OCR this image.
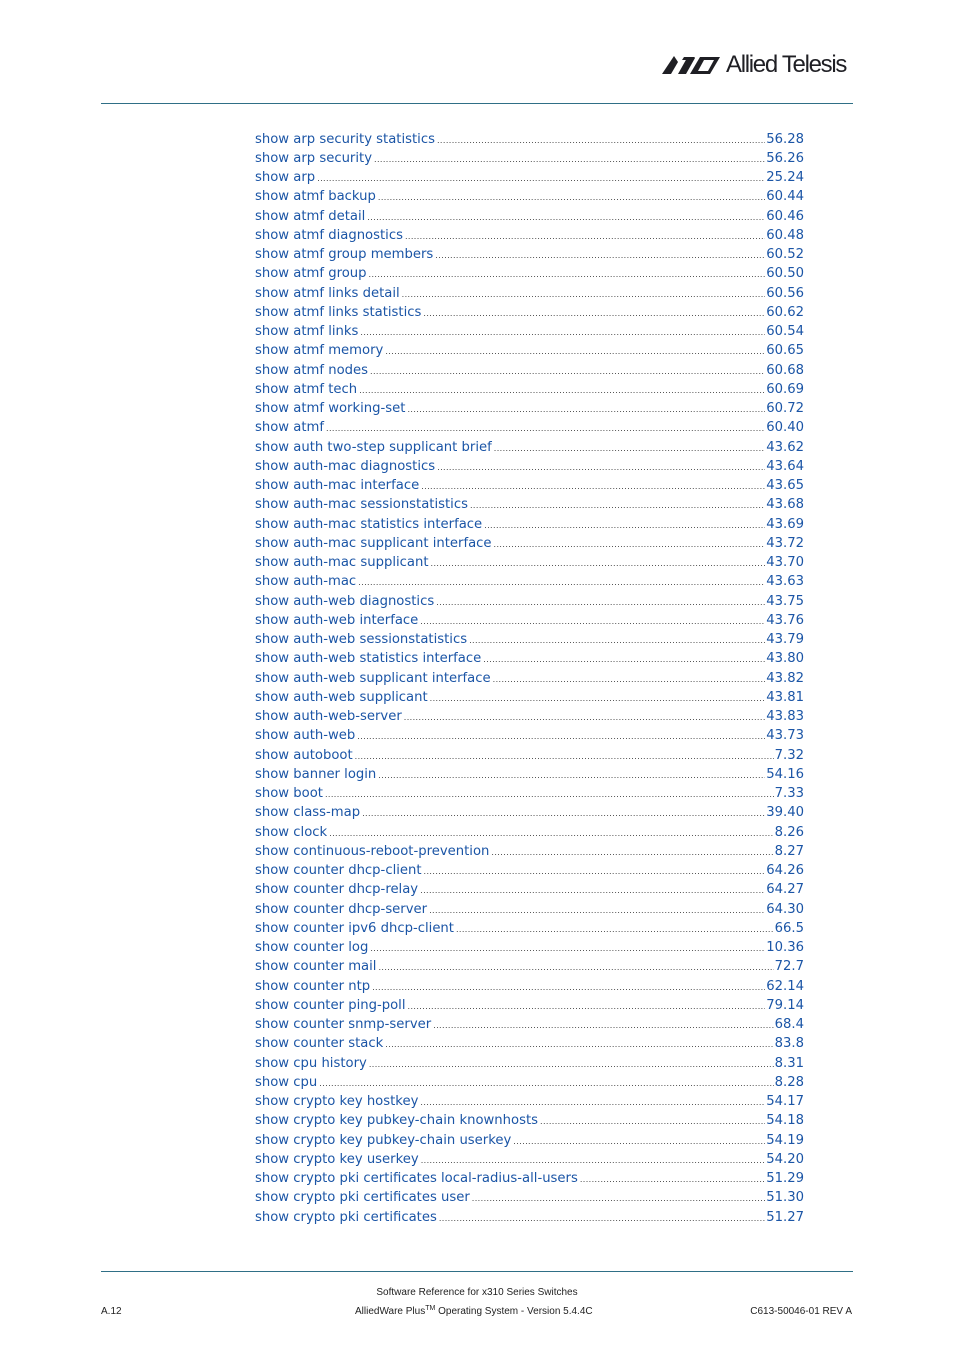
Allied Telesis
show arp security statistics .....	56.28
show arp security .....	56.26
show arp .....	25.24
show atmf backup .....	60.44
show atmf detail .....	60.46
show atmf diagnostics .....	60.48
show atmf group members .....	60.52
show atmf group .....	60.50
show atmf links detail .....	60.56
show atmf links statistics .....	60.62
show atmf links .....	60.54
show atmf memory .....	60.65
show atmf nodes .....	60.68
show atmf tech .....	60.69
show atmf working-set .....	60.72
show atmf .....	60.40
show auth two-step supplicant brief .....	43.62
show auth-mac diagnostics .....	43.64
show auth-mac interface .....	43.65
show auth-mac sessionstatistics .....	43.68
show auth-mac statistics interface .....	43.69
show auth-mac supplicant interface .....	43.72
show auth-mac supplicant .....	43.70
show auth-mac .....	43.63
show auth-web diagnostics .....	43.75
show auth-web interface .....	43.76
show auth-web sessionstatistics .....	43.79
show auth-web statistics interface .....	43.80
show auth-web supplicant interface .....	43.82
show auth-web supplicant .....	43.81
show auth-web-server .....	43.83
show auth-web .....	43.73
show autoboot .....	7.32
show banner login .....	54.16
show boot .....	7.33
show class-map .....	39.40
show clock .....	8.26
show continuous-reboot-prevention .....	8.27
show counter dhcp-client .....	64.26
show counter dhcp-relay .....	64.27
show counter dhcp-server .....	64.30
show counter ipv6 dhcp-client .....	66.5
show counter log .....	10.36
show counter mail .....	72.7
show counter ntp .....	62.14
show counter ping-poll .....	79.14
show counter snmp-server .....	68.4
show counter stack .....	83.8
show cpu history .....	8.31
show cpu .....	8.28
show crypto key hostkey .....	54.17
show crypto key pubkey-chain knownhosts .....	54.18
show crypto key pubkey-chain userkey .....	54.19
show crypto key userkey .....	54.20
show crypto pki certificates local-radius-all-users .....	51.29
show crypto pki certificates user .....	51.30
show crypto pki certificates .....	51.27
Software Reference for x310 Series Switches
AlliedWare Plus™ Operating System - Version 5.4.4C
A.12	C613-50046-01 REV A
